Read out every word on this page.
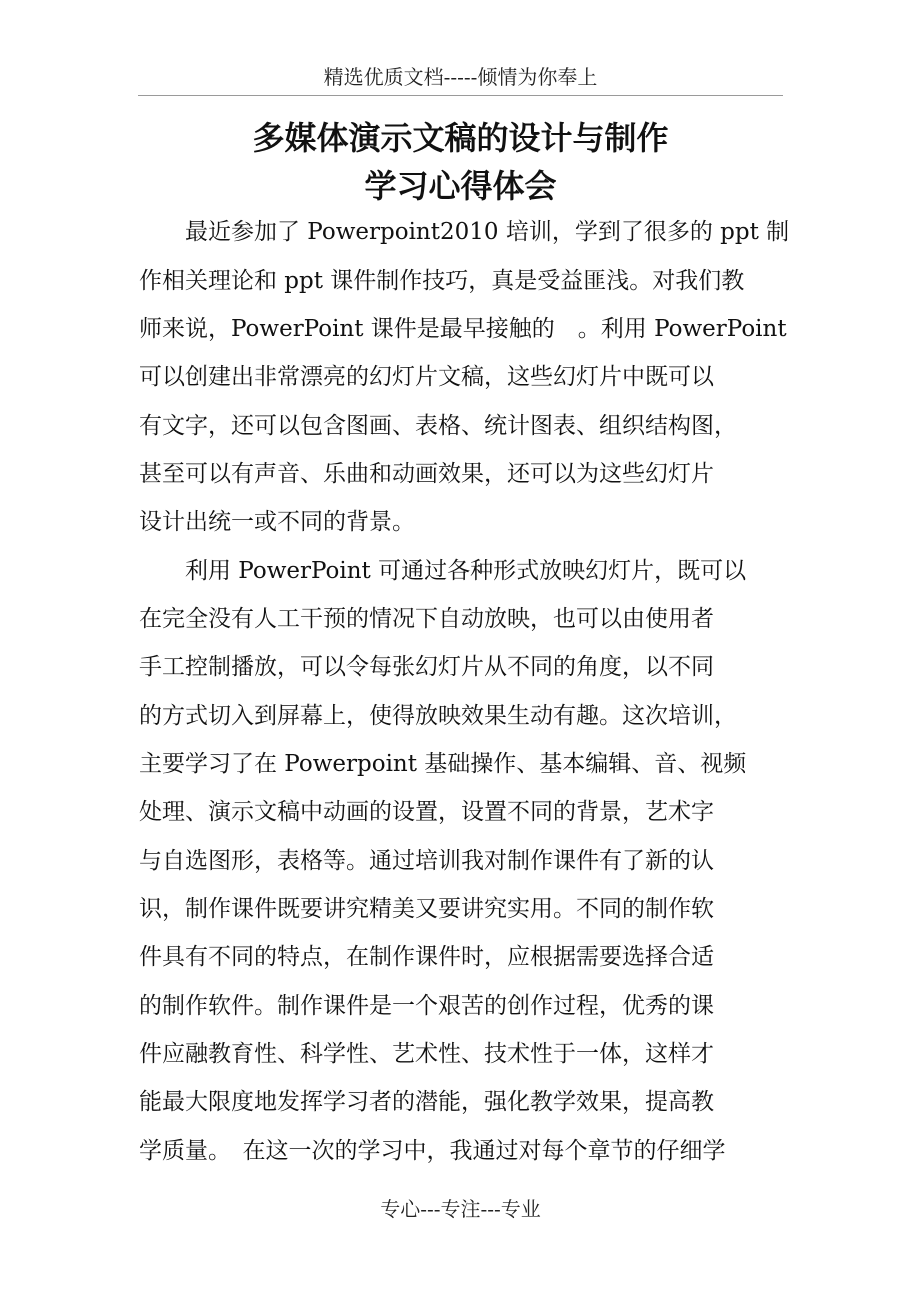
精选优质文档-----倾情为你奉上
多媒体演示文稿的设计与制作
学习心得体会
　　最近参加了 Powerpoint2010 培训，学到了很多的 ppt 制
作相关理论和 ppt 课件制作技巧，真是受益匪浅。对我们教
师来说，PowerPoint 课件是最早接触的　。利用 PowerPoint
可以创建出非常漂亮的幻灯片文稿，这些幻灯片中既可以
有文字，还可以包含图画、表格、统计图表、组织结构图，
甚至可以有声音、乐曲和动画效果，还可以为这些幻灯片
设计出统一或不同的背景。
　　利用 PowerPoint 可通过各种形式放映幻灯片，既可以
在完全没有人工干预的情况下自动放映，也可以由使用者
手工控制播放，可以令每张幻灯片从不同的角度，以不同
的方式切入到屏幕上，使得放映效果生动有趣。这次培训，
主要学习了在 Powerpoint 基础操作、基本编辑、音、视频
处理、演示文稿中动画的设置，设置不同的背景，艺术字
与自选图形，表格等。通过培训我对制作课件有了新的认
识，制作课件既要讲究精美又要讲究实用。不同的制作软
件具有不同的特点，在制作课件时，应根据需要选择合适
的制作软件。制作课件是一个艰苦的创作过程，优秀的课
件应融教育性、科学性、艺术性、技术性于一体，这样才
能最大限度地发挥学习者的潜能，强化教学效果，提高教
学质量。　在这一次的学习中，我通过对每个章节的仔细学
专心---专注---专业
